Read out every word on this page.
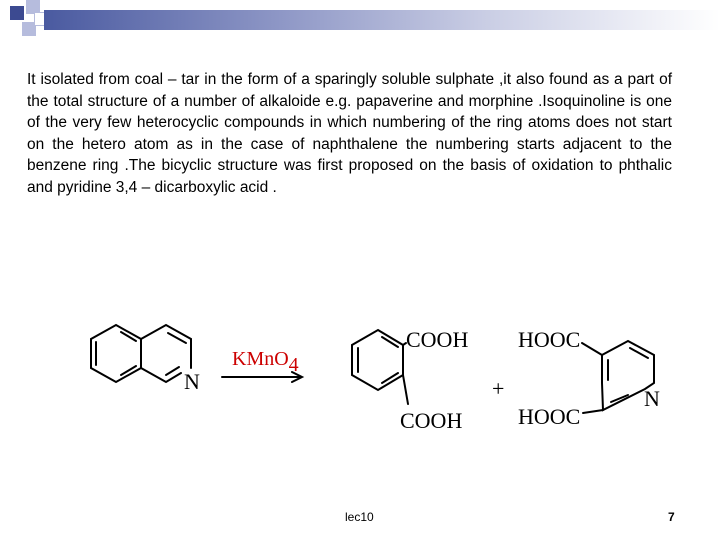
It isolated from coal – tar in the form of a sparingly soluble sulphate ,it also found as a part of the total structure of a number of alkaloide e.g. papaverine and morphine .Isoquinoline is one of the very few heterocyclic compounds in which numbering of the ring atoms does not start on the hetero atom as in the case of naphthalene the numbering starts adjacent to the benzene ring .The bicyclic structure was first proposed on the basis of oxidation to phthalic and pyridine 3,4 – dicarboxylic acid .
N
KMnO4
COOH
COOH
+
HOOC
HOOC
N
lec10	7
